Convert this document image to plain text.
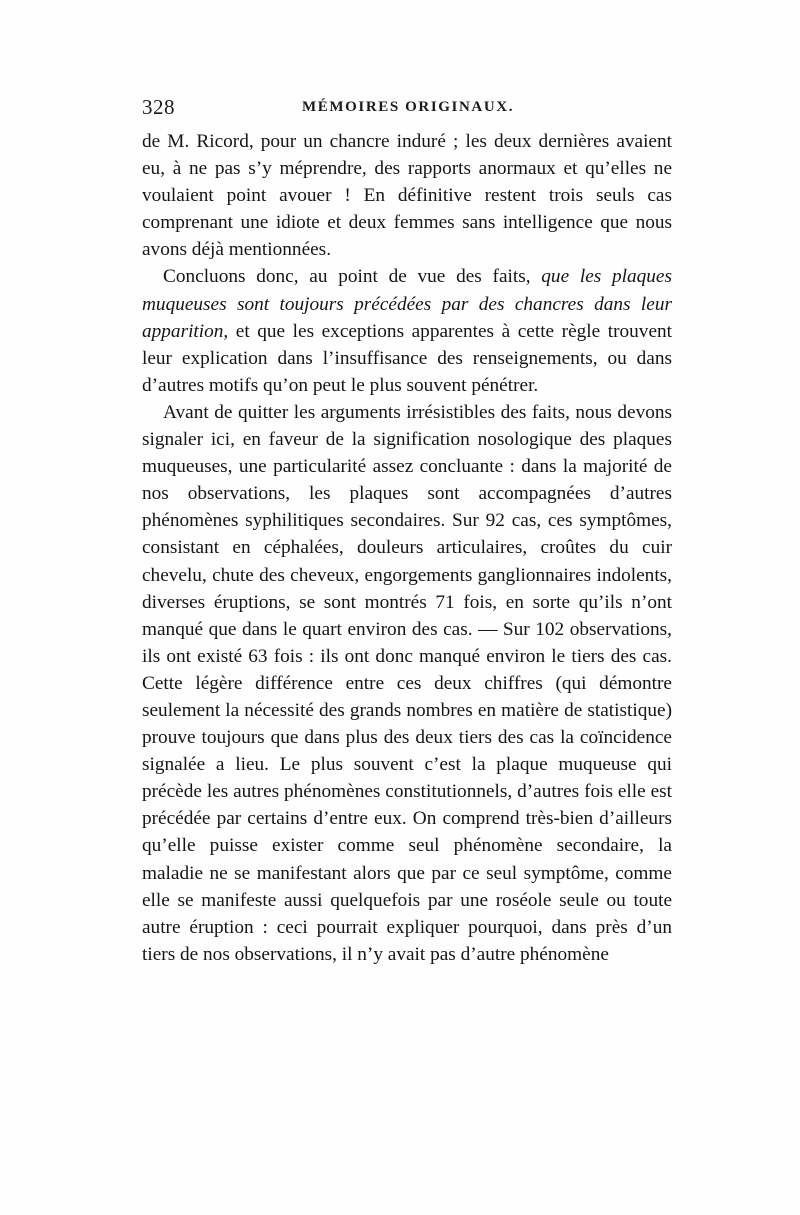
328	MÉMOIRES ORIGINAUX.

de M. Ricord, pour un chancre induré ; les deux dernières avaient eu, à ne pas s’y méprendre, des rapports anormaux et qu’elles ne voulaient point avouer ! En définitive restent trois seuls cas comprenant une idiote et deux femmes sans intelligence que nous avons déjà mentionnées.

Concluons donc, au point de vue des faits, que les plaques muqueuses sont toujours précédées par des chancres dans leur apparition, et que les exceptions apparentes à cette règle trouvent leur explication dans l’insuffisance des renseignements, ou dans d’autres motifs qu’on peut le plus souvent pénétrer.

Avant de quitter les arguments irrésistibles des faits, nous devons signaler ici, en faveur de la signification nosologique des plaques muqueuses, une particularité assez concluante : dans la majorité de nos observations, les plaques sont accompagnées d’autres phénomènes syphilitiques secondaires. Sur 92 cas, ces symptômes, consistant en céphalées, douleurs articulaires, croûtes du cuir chevelu, chute des cheveux, engorgements ganglionnaires indolents, diverses éruptions, se sont montrés 71 fois, en sorte qu’ils n’ont manqué que dans le quart environ des cas. — Sur 102 observations, ils ont existé 63 fois : ils ont donc manqué environ le tiers des cas. Cette légère différence entre ces deux chiffres (qui démontre seulement la nécessité des grands nombres en matière de statistique) prouve toujours que dans plus des deux tiers des cas la coïncidence signalée a lieu. Le plus souvent c’est la plaque muqueuse qui précède les autres phénomènes constitutionnels, d’autres fois elle est précédée par certains d’entre eux. On comprend très-bien d’ailleurs qu’elle puisse exister comme seul phénomène secondaire, la maladie ne se manifestant alors que par ce seul symptôme, comme elle se manifeste aussi quelquefois par une roséole seule ou toute autre éruption : ceci pourrait expliquer pourquoi, dans près d’un tiers de nos observations, il n’y avait pas d’autre phénomène
